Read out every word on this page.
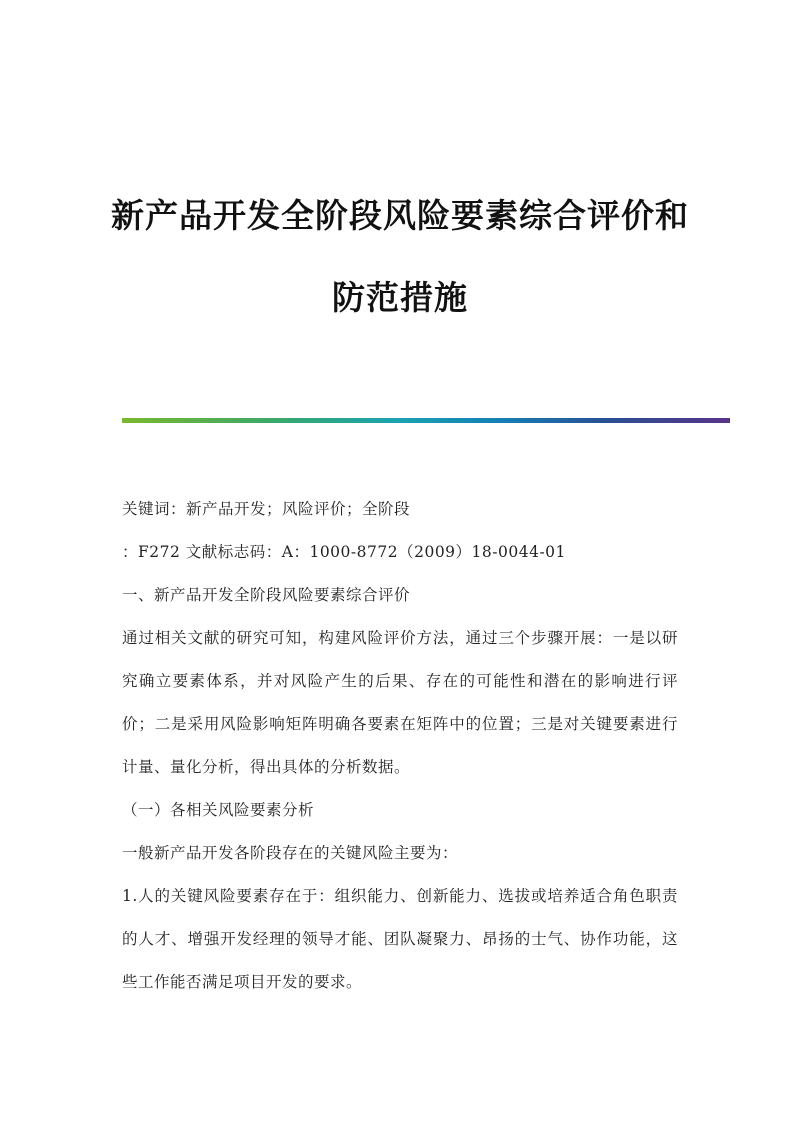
新产品开发全阶段风险要素综合评价和
防范措施

关键词：新产品开发；风险评价；全阶段

：F272 文献标志码：A：1000-8772（2009）18-0044-01

一、新产品开发全阶段风险要素综合评价

通过相关文献的研究可知，构建风险评价方法，通过三个步骤开展：一是以研究确立要素体系，并对风险产生的后果、存在的可能性和潜在的影响进行评价；二是采用风险影响矩阵明确各要素在矩阵中的位置；三是对关键要素进行计量、量化分析，得出具体的分析数据。

（一）各相关风险要素分析

一般新产品开发各阶段存在的关键风险主要为：

1.人的关键风险要素存在于：组织能力、创新能力、选拔或培养适合角色职责的人才、增强开发经理的领导才能、团队凝聚力、昂扬的士气、协作功能，这些工作能否满足项目开发的要求。
